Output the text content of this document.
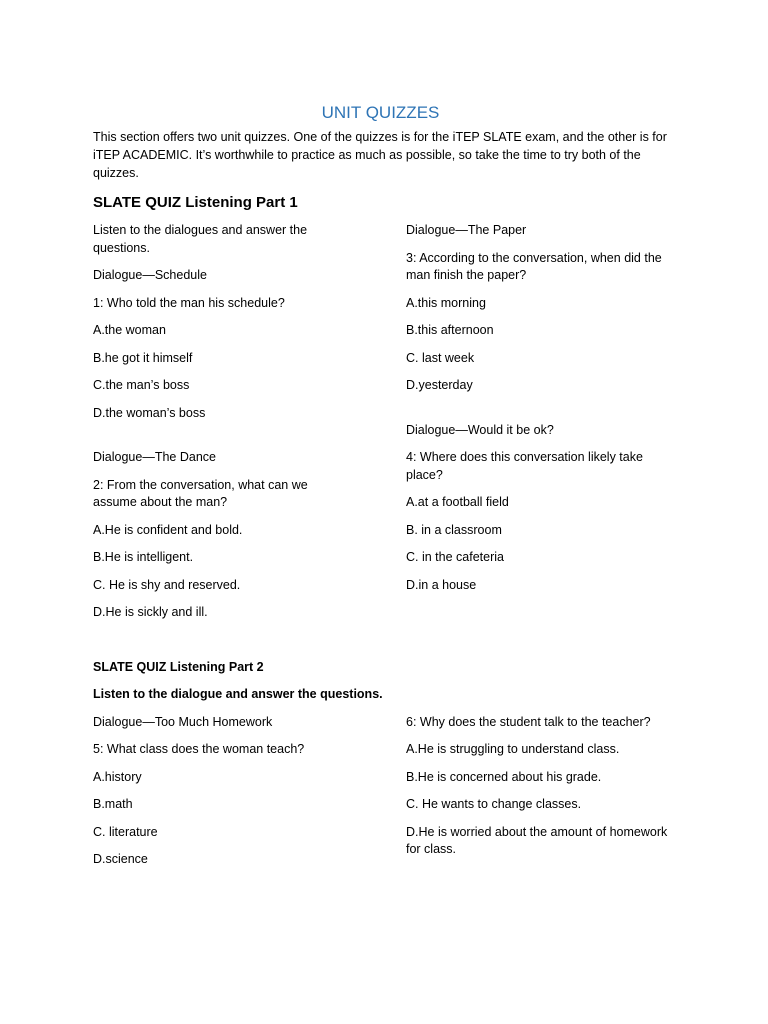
UNIT QUIZZES

This section offers two unit quizzes. One of the quizzes is for the iTEP SLATE exam, and the other is for iTEP ACADEMIC. It’s worthwhile to practice as much as possible, so take the time to try both of the quizzes.

SLATE QUIZ Listening Part 1

Listen to the dialogues and answer the questions.

Dialogue—Schedule

1: Who told the man his schedule?

A.the woman

B.he got it himself

C.the man’s boss

D.the woman’s boss

Dialogue—The Dance

2: From the conversation, what can we assume about the man?

A.He is confident and bold.

B.He is intelligent.

C. He is shy and reserved.

D.He is sickly and ill.

Dialogue—The Paper

3: According to the conversation, when did the man finish the paper?

A.this morning

B.this afternoon

C. last week

D.yesterday

Dialogue—Would it be ok?

4: Where does this conversation likely take place?

A.at a football field

B. in a classroom

C. in the cafeteria

D.in a house

SLATE QUIZ Listening Part 2

Listen to the dialogue and answer the questions.

Dialogue—Too Much Homework

5: What class does the woman teach?

A.history

B.math

C. literature

D.science

6: Why does the student talk to the teacher?

A.He is struggling to understand class.

B.He is concerned about his grade.

C. He wants to change classes.

D.He is worried about the amount of homework for class.
